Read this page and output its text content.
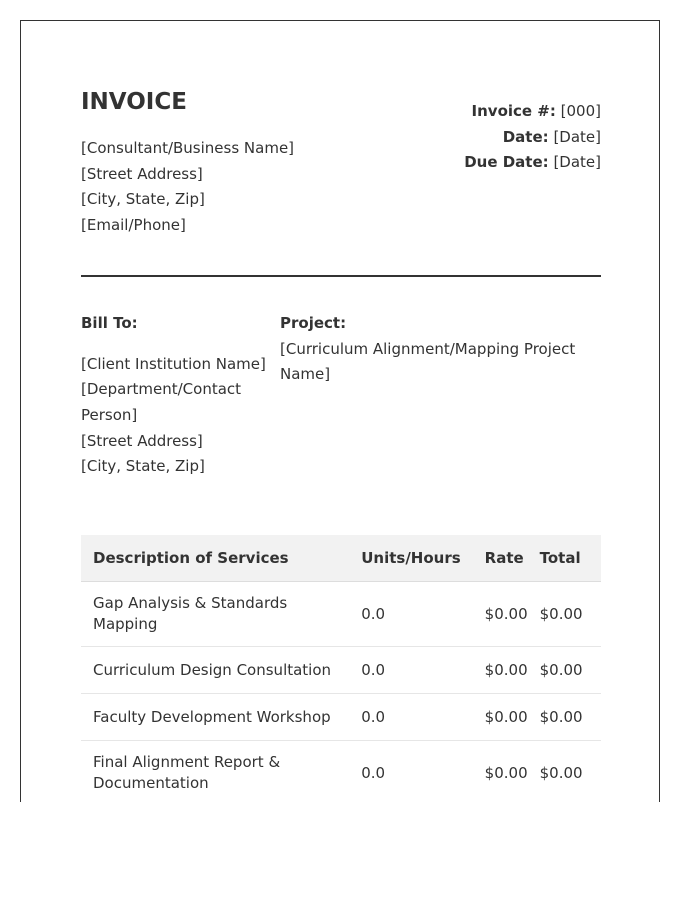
INVOICE
[Consultant/Business Name]
[Street Address]
[City, State, Zip]
[Email/Phone]
Invoice #: [000]
Date: [Date]
Due Date: [Date]
Bill To:
[Client Institution Name]
[Department/Contact Person]
[Street Address]
[City, State, Zip]
Project:
[Curriculum Alignment/Mapping Project Name]
Description of Services	Units/Hours	Rate	Total
Gap Analysis & Standards Mapping	0.0	$0.00	$0.00
Curriculum Design Consultation	0.0	$0.00	$0.00
Faculty Development Workshop	0.0	$0.00	$0.00
Final Alignment Report & Documentation	0.0	$0.00	$0.00
